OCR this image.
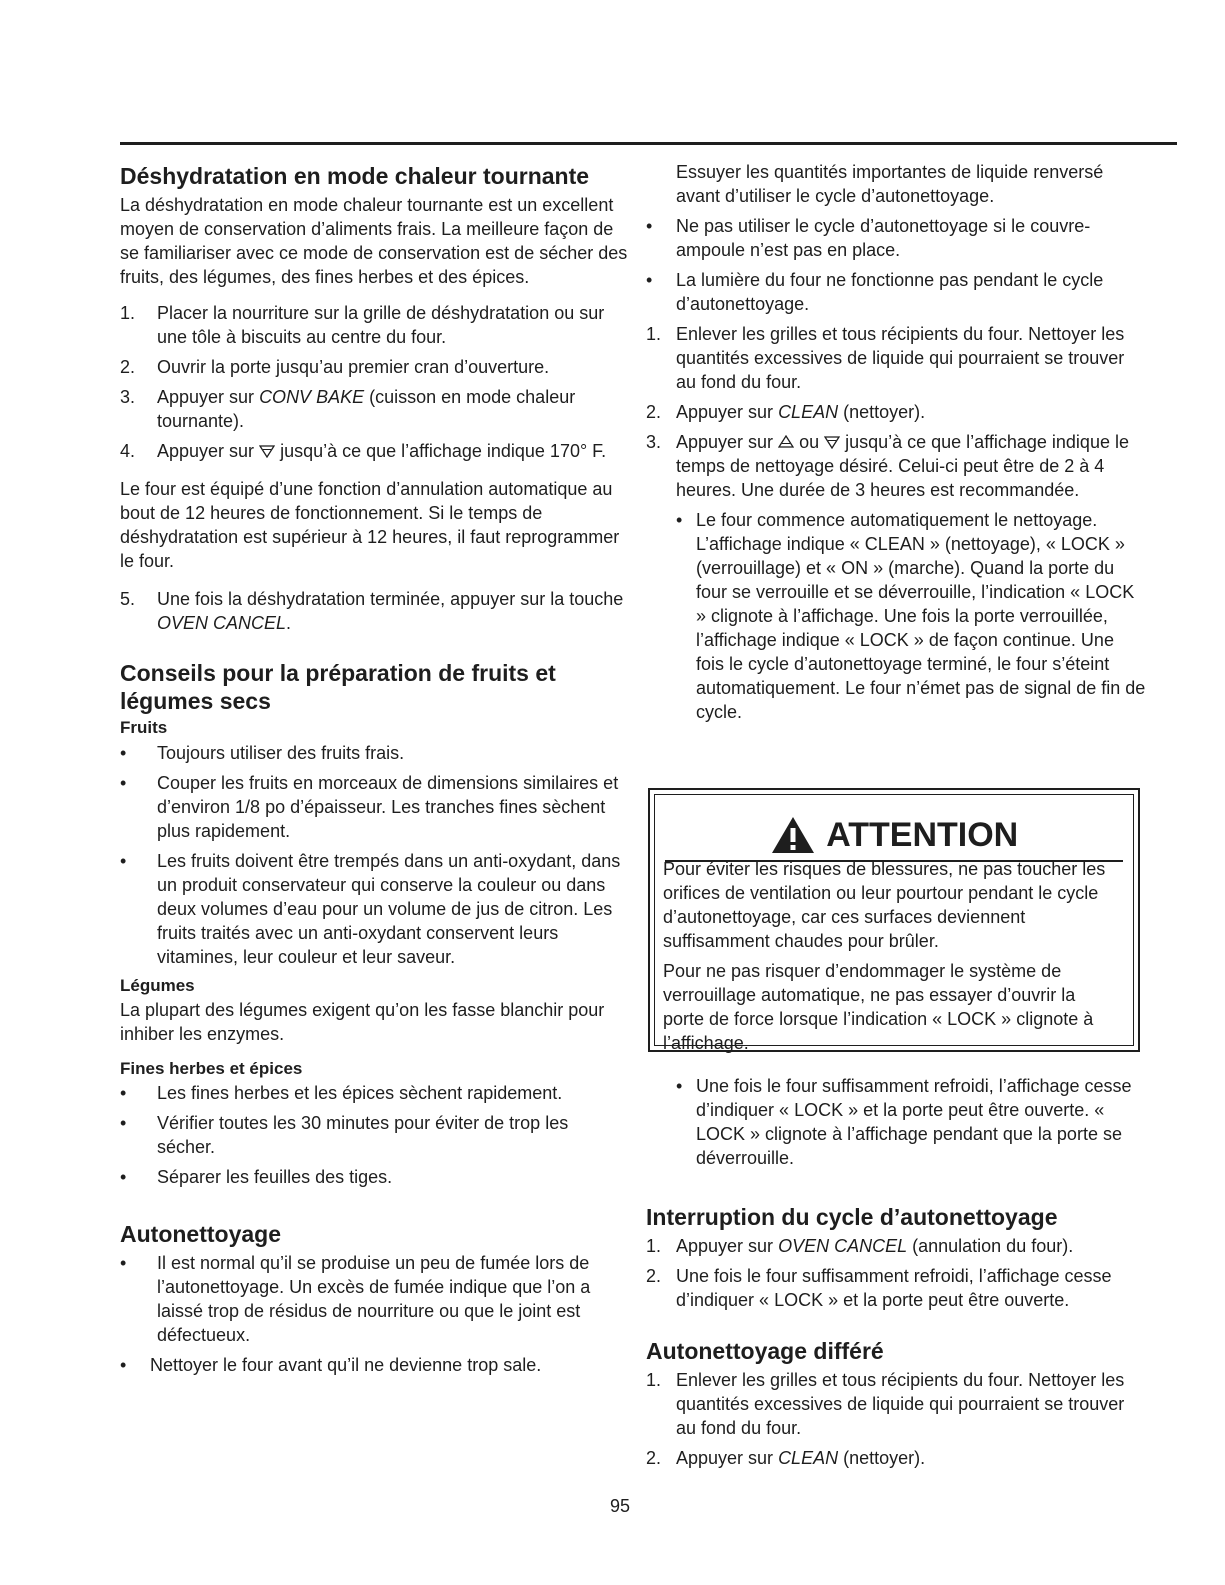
Déshydratation en mode chaleur tournante

La déshydratation en mode chaleur tournante est un excellent moyen de conservation d’aliments frais. La meilleure façon de se familiariser avec ce mode de conservation est de sécher des fruits, des légumes, des fines herbes et des épices.

1. Placer la nourriture sur la grille de déshydratation ou sur une tôle à biscuits au centre du four.
2. Ouvrir la porte jusqu’au premier cran d’ouverture.
3. Appuyer sur CONV BAKE (cuisson en mode chaleur tournante).
4. Appuyer sur  jusqu’à ce que l’affichage indique 170° F.

Le four est équipé d’une fonction d’annulation automatique au bout de 12 heures de fonctionnement. Si le temps de déshydratation est supérieur à 12 heures, il faut reprogrammer le four.

5. Une fois la déshydratation terminée, appuyer sur la touche OVEN CANCEL.
Conseils pour la préparation de fruits et légumes secs
Fruits
• Toujours utiliser des fruits frais.
• Couper les fruits en morceaux de dimensions similaires et d’environ 1/8 po d’épaisseur. Les tranches fines sèchent plus rapidement.
• Les fruits doivent être trempés dans un anti-oxydant, dans un produit conservateur qui conserve la couleur ou dans deux volumes d’eau pour un volume de jus de citron. Les fruits traités avec un anti-oxydant conservent leurs vitamines, leur couleur et leur saveur.
Légumes

La plupart des légumes exigent qu’on les fasse blanchir pour inhiber les enzymes.

Fines herbes et épices
• Les fines herbes et les épices sèchent rapidement.
• Vérifier toutes les 30 minutes pour éviter de trop les sécher.
• Séparer les feuilles des tiges.
Autonettoyage
• Il est normal qu’il se produise un peu de fumée lors de l’autonettoyage. Un excès de fumée indique que l’on a laissé trop de résidus de nourriture ou que le joint est défectueux.
• Nettoyer le four avant qu’il ne devienne trop sale.

Essuyer les quantités importantes de liquide renversé avant d’utiliser le cycle d’autonettoyage.

• Ne pas utiliser le cycle d’autonettoyage si le couvre-ampoule n’est pas en place.
• La lumière du four ne fonctionne pas pendant le cycle d’autonettoyage.
1. Enlever les grilles et tous récipients du four. Nettoyer les quantités excessives de liquide qui pourraient se trouver au fond du four.
2. Appuyer sur CLEAN (nettoyer).
3. Appuyer sur  ou  jusqu’à ce que l’affichage indique le temps de nettoyage désiré. Celui-ci peut être de 2 à 4 heures. Une durée de 3 heures est recommandée.
• Le four commence automatiquement le nettoyage. L’affichage indique « CLEAN » (nettoyage), « LOCK » (verrouillage) et « ON » (marche). Quand la porte du four se verrouille et se déverrouille, l’indication « LOCK » clignote à l’affichage. Une fois la porte verrouillée, l’affichage indique « LOCK » de façon continue. Une fois le cycle d’autonettoyage terminé, le four s’éteint automatiquement. Le four n’émet pas de signal de fin de cycle.
ATTENTION

Pour éviter les risques de blessures, ne pas toucher les orifices de ventilation ou leur pourtour pendant le cycle d’autonettoyage, car ces surfaces deviennent suffisamment chaudes pour brûler.

Pour ne pas risquer d’endommager le système de verrouillage automatique, ne pas essayer d’ouvrir la porte de force lorsque l’indication « LOCK » clignote à l’affichage.

• Une fois le four suffisamment refroidi, l’affichage cesse d’indiquer « LOCK » et la porte peut être ouverte. « LOCK » clignote à l’affichage pendant que la porte se déverrouille.
Interruption du cycle d’autonettoyage
1. Appuyer sur OVEN CANCEL (annulation du four).
2. Une fois le four suffisamment refroidi, l’affichage cesse d’indiquer « LOCK » et la porte peut être ouverte.
Autonettoyage différé
1. Enlever les grilles et tous récipients du four. Nettoyer les quantités excessives de liquide qui pourraient se trouver au fond du four.
2. Appuyer sur CLEAN (nettoyer).
95
